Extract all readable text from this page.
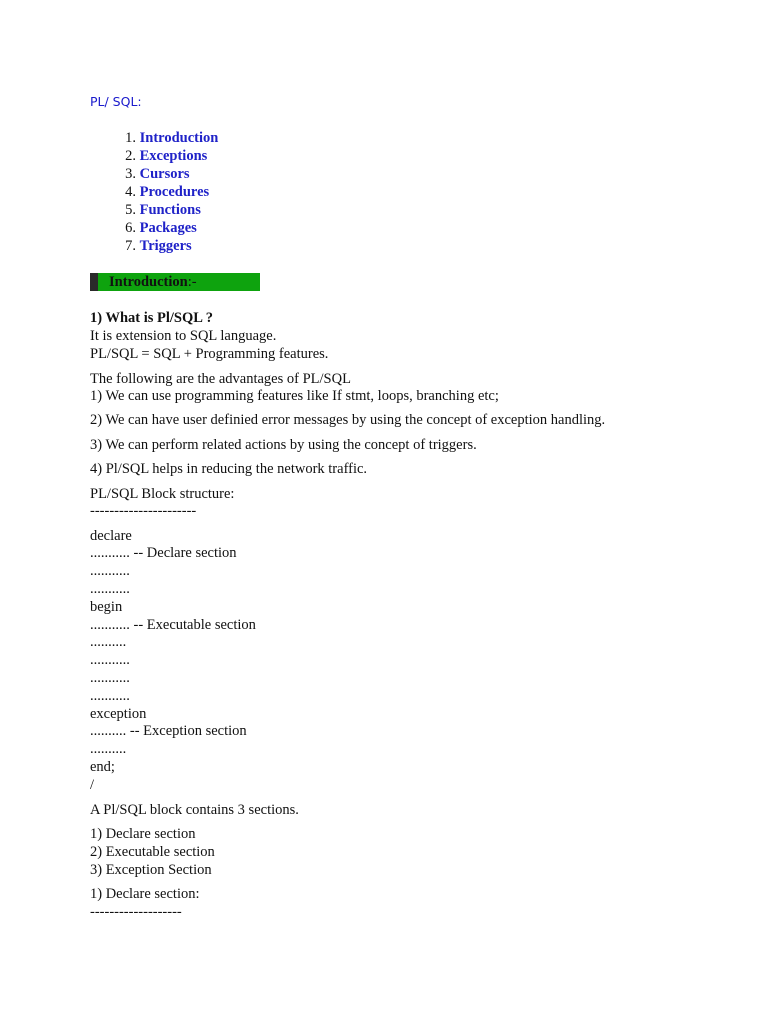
PL/ SQL:
1. Introduction
2. Exceptions
3. Cursors
4. Procedures
5. Functions
6. Packages
7. Triggers
Introduction:-
1) What is Pl/SQL ?
It is extension to SQL language.
PL/SQL = SQL + Programming features.
The following are the advantages of PL/SQL
1) We can use programming features like If stmt, loops, branching etc;
2) We can have user definied error messages by using the concept of exception handling.
3) We can perform related actions by using the concept of triggers.
4) Pl/SQL helps in reducing the network traffic.
PL/SQL Block structure:
----------------------
declare
........... -- Declare section
...........
...........
begin
........... -- Executable section
..........
...........
...........
...........
exception
.......... -- Exception section
..........
end;
/
A Pl/SQL block contains 3 sections.
1) Declare section
2) Executable section
3) Exception Section
1) Declare section:
-------------------
